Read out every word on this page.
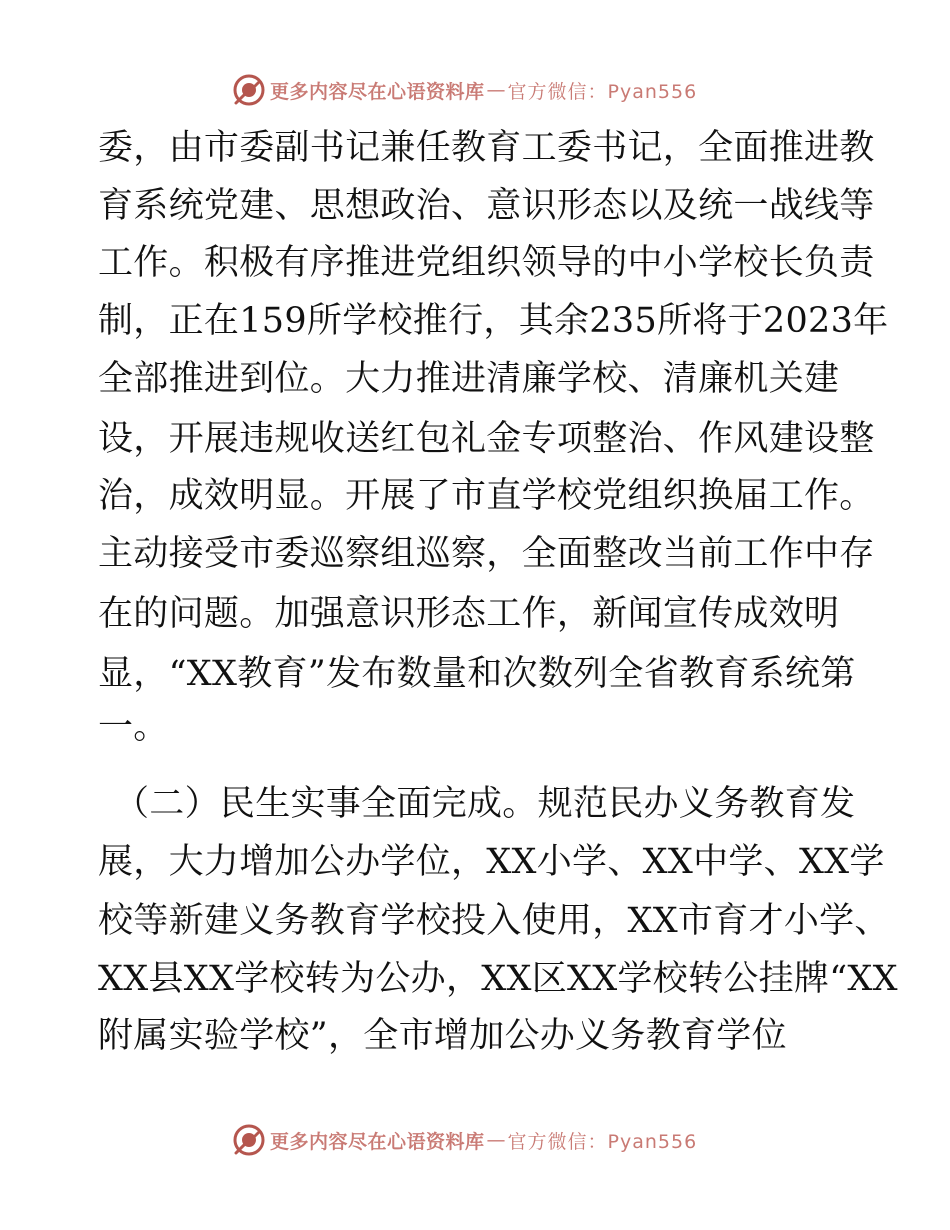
更多内容尽在心语资料库 — 官方微信：Pyan556
委，由市委副书记兼任教育工委书记，全面推进教
育系统党建、思想政治、意识形态以及统一战线等
工作。积极有序推进党组织领导的中小学校长负责
制，正在159所学校推行，其余235所将于2023年
全部推进到位。大力推进清廉学校、清廉机关建
设，开展违规收送红包礼金专项整治、作风建设整
治，成效明显。开展了市直学校党组织换届工作。
主动接受市委巡察组巡察，全面整改当前工作中存
在的问题。加强意识形态工作，新闻宣传成效明
显，“XX教育”发布数量和次数列全省教育系统第
一。
（二）民生实事全面完成。规范民办义务教育发
展，大力增加公办学位，XX小学、XX中学、XX学
校等新建义务教育学校投入使用，XX市育才小学、
XX县XX学校转为公办，XX区XX学校转公挂牌“XX
附属实验学校”，全市增加公办义务教育学位
更多内容尽在心语资料库 — 官方微信：Pyan556
